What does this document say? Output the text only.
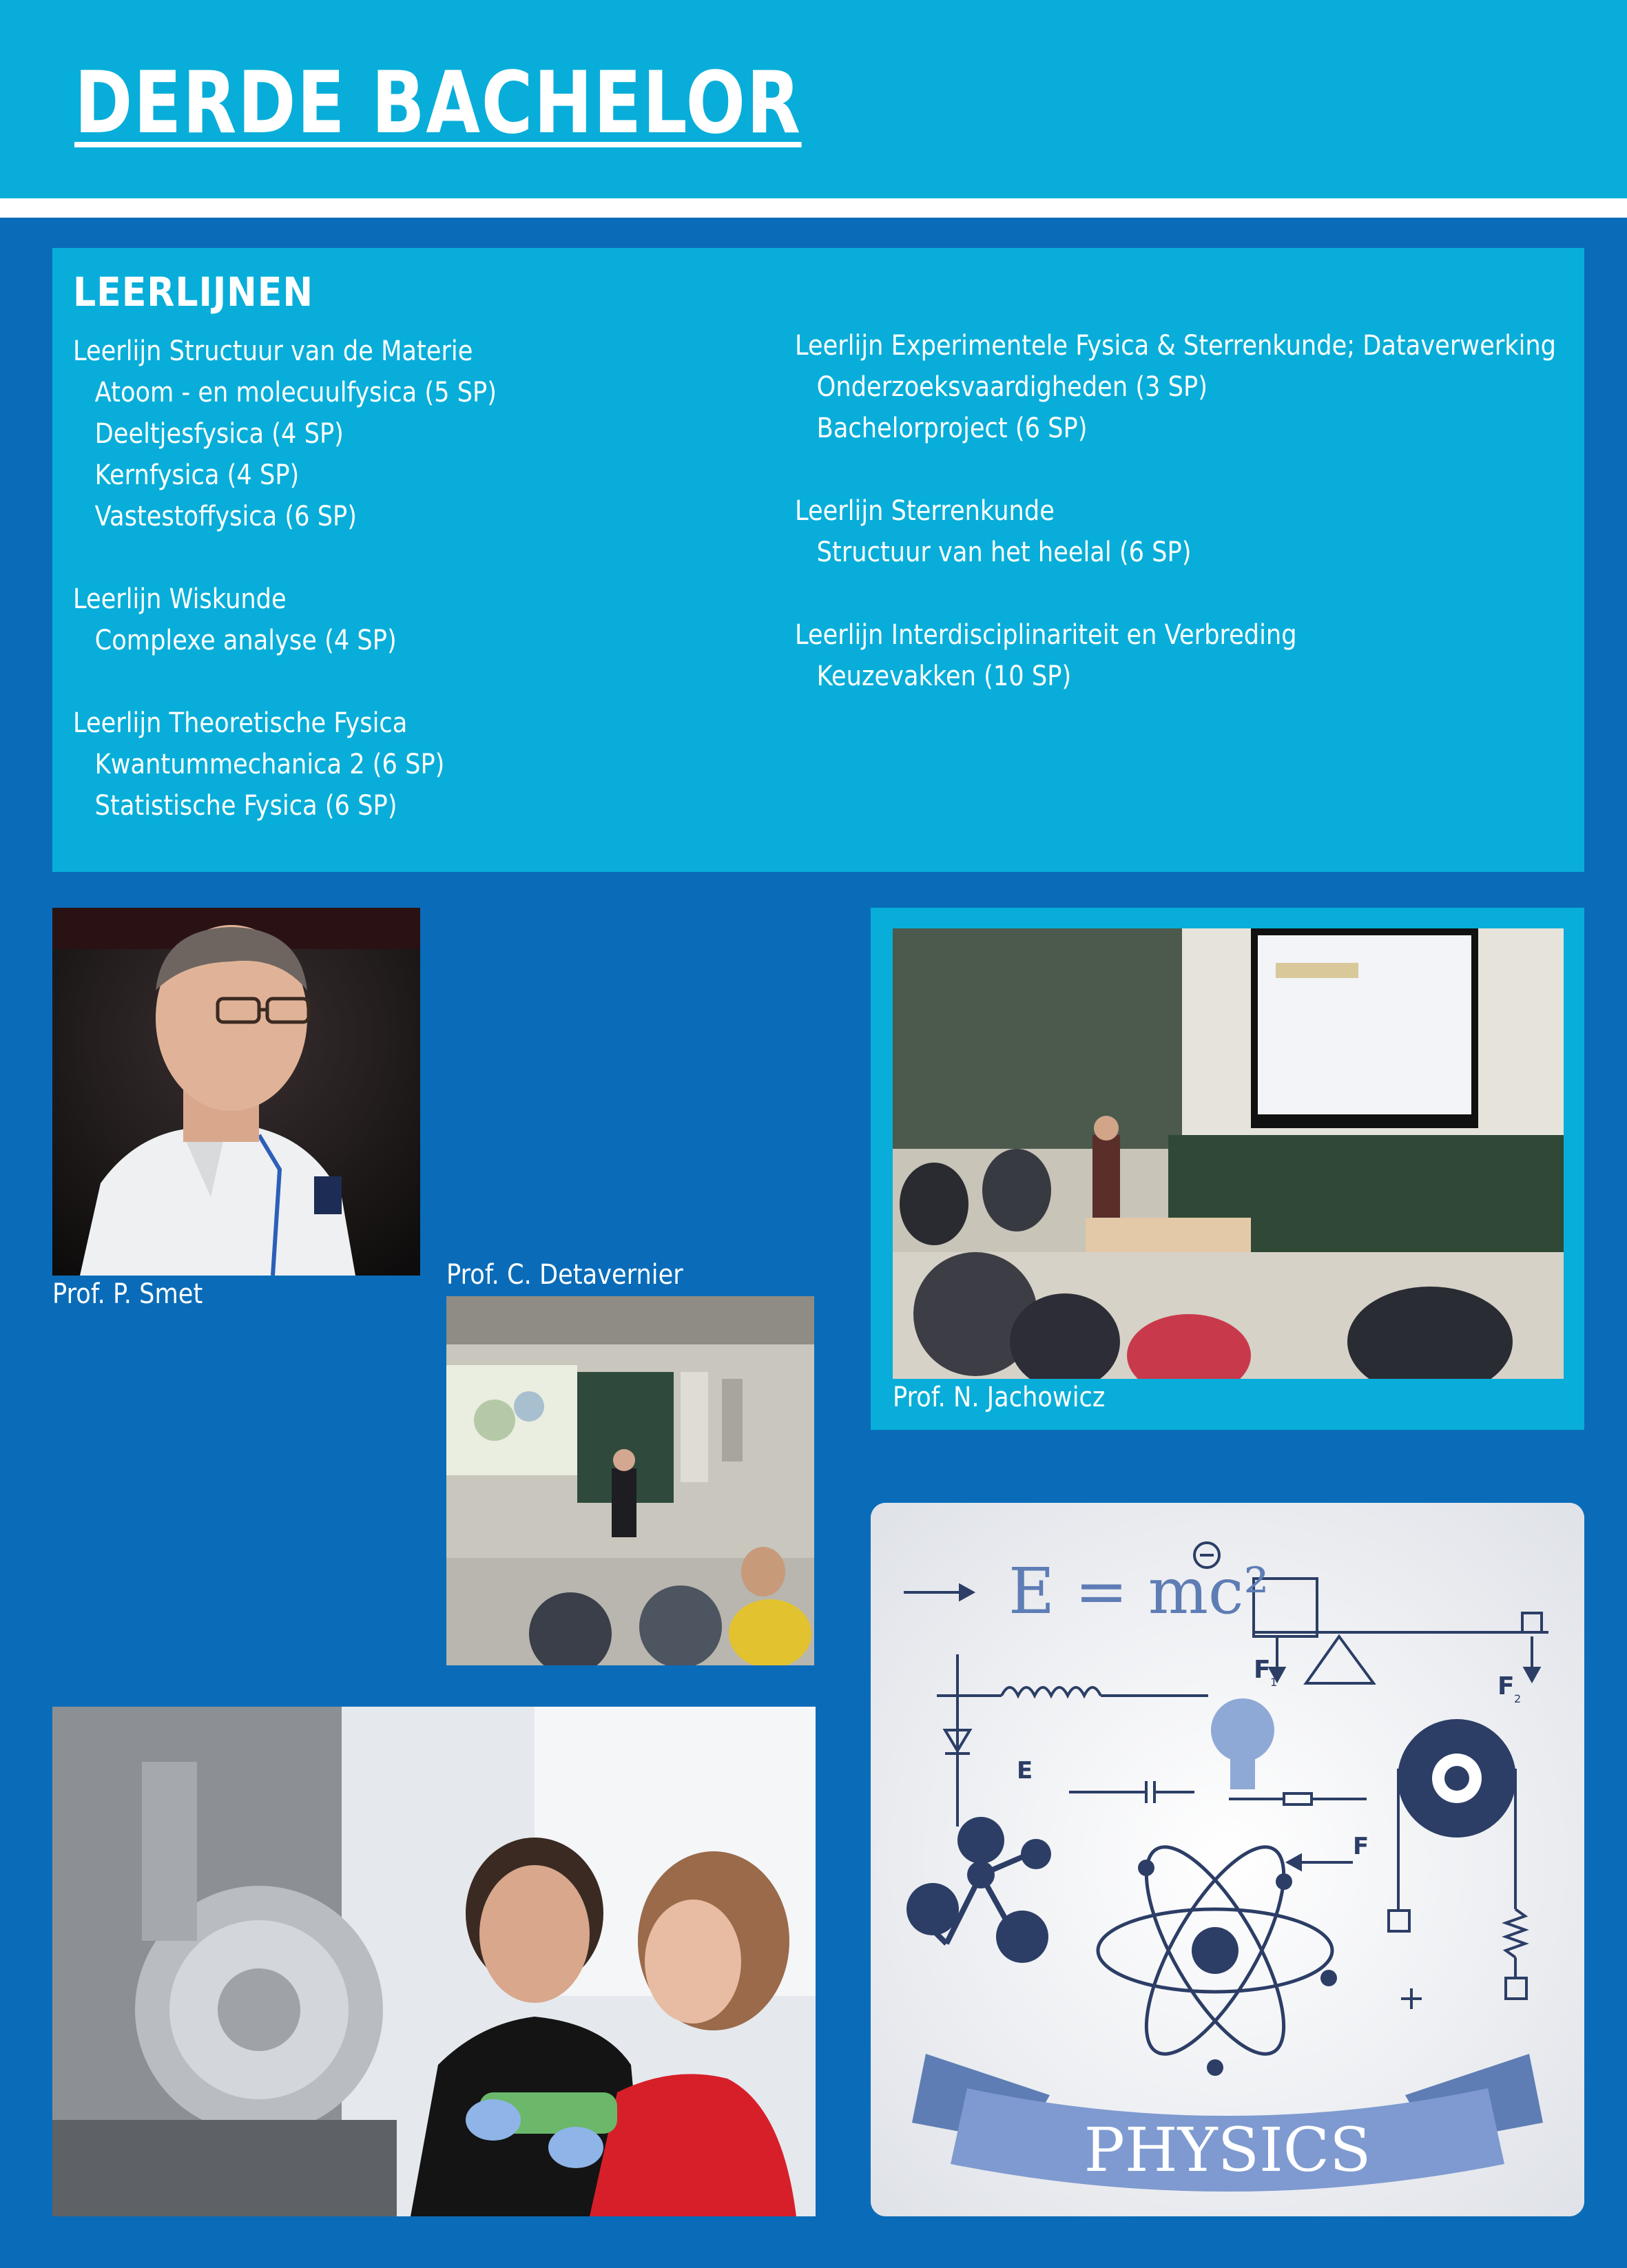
DERDE BACHELOR
LEERLIJNEN
Leerlijn Structuur van de Materie
Atoom - en molecuulfysica (5 SP)
Deeltjesfysica (4 SP)
Kernfysica (4 SP)
Vastestoffysica (6 SP)
Leerlijn Wiskunde
Complexe analyse (4 SP)
Leerlijn Theoretische Fysica
Kwantummechanica 2 (6 SP)
Statistische Fysica (6 SP)
Leerlijn Experimentele Fysica & Sterrenkunde; Dataverwerking
Onderzoeksvaardigheden (3 SP)
Bachelorproject (6 SP)
Leerlijn Sterrenkunde
Structuur van het heelal (6 SP)
Leerlijn Interdisciplinariteit en Verbreding
Keuzevakken (10 SP)
Prof. P. Smet
Prof. C. Detavernier
Prof. N. Jachowicz
E = mc²
F 1	F 2
E
F
PHYSICS
